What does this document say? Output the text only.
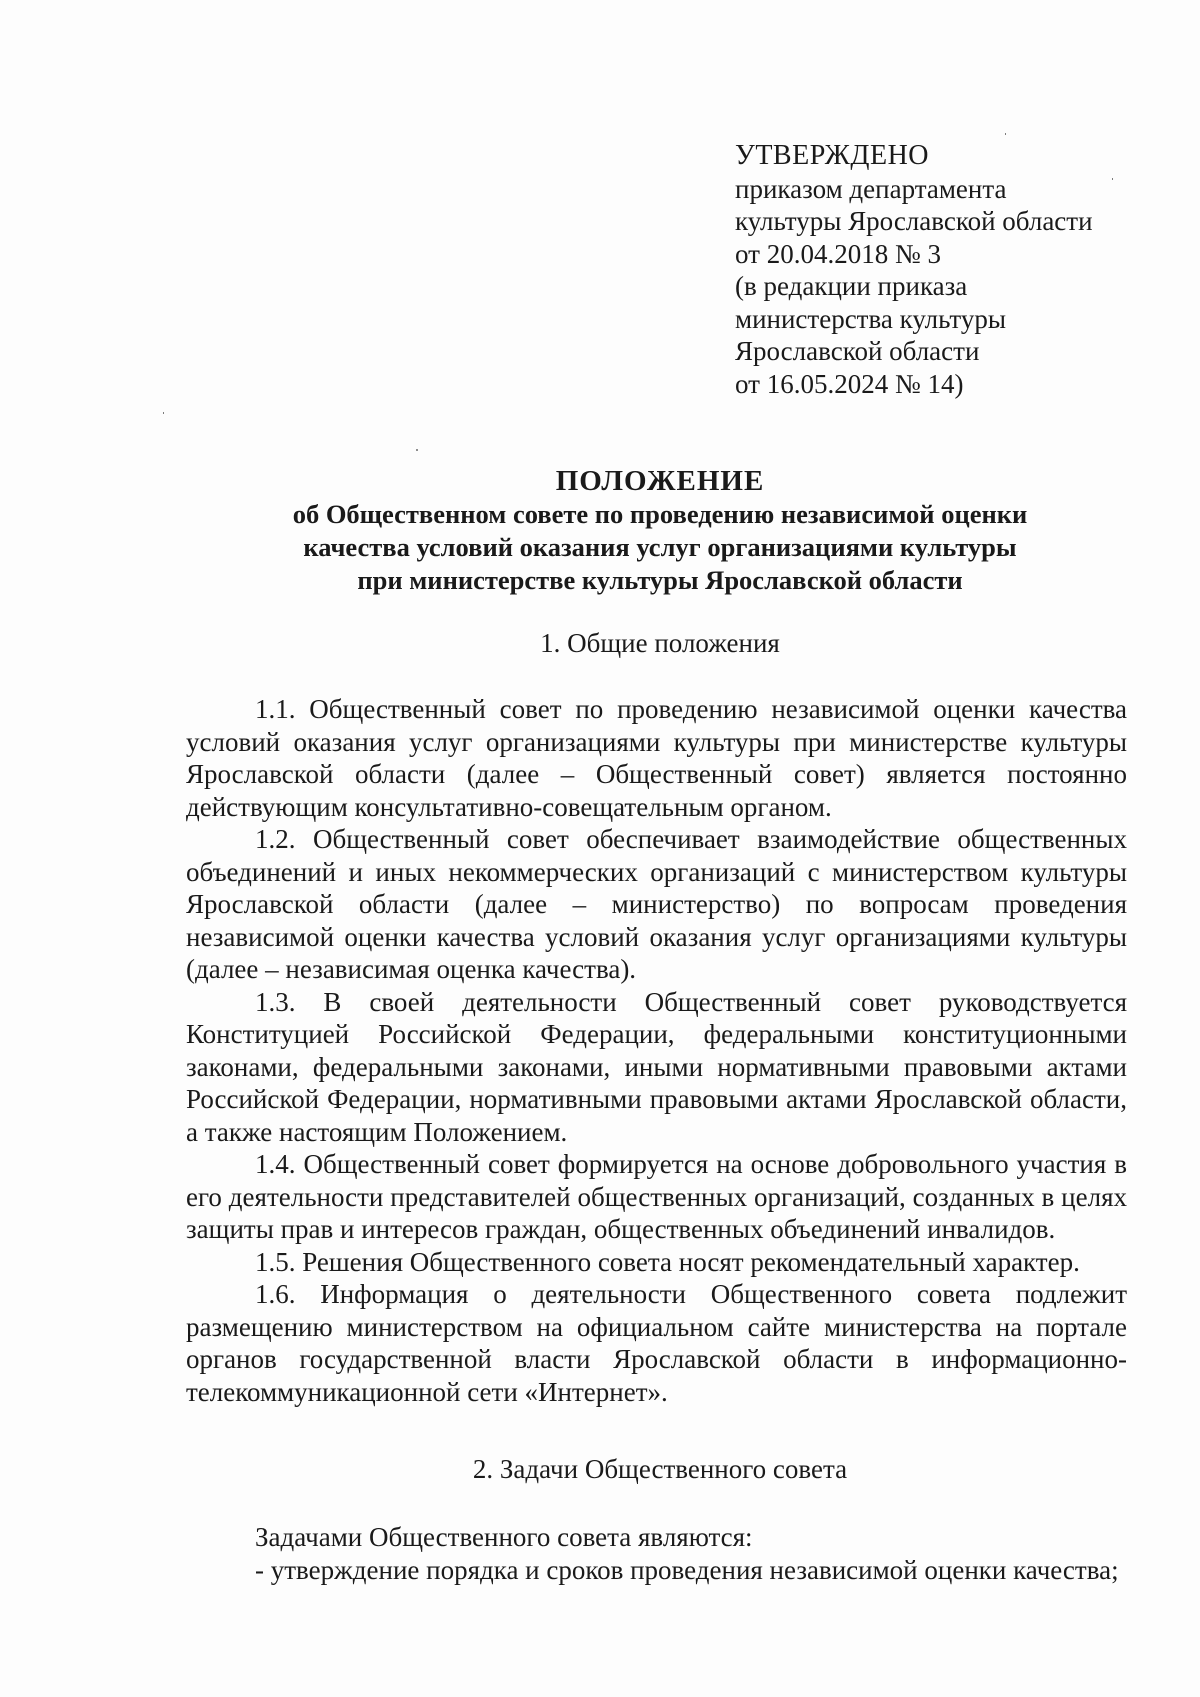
УТВЕРЖДЕНО
приказом департамента
культуры Ярославской области
от 20.04.2018 № 3
(в редакции приказа
министерства культуры
Ярославской области
от 16.05.2024 № 14)
ПОЛОЖЕНИЕ
об Общественном совете по проведению независимой оценки
качества условий оказания услуг организациями культуры
при министерстве культуры Ярославской области
1. Общие положения

1.1. Общественный совет по проведению независимой оценки качества условий оказания услуг организациями культуры при министерстве культуры Ярославской области (далее – Общественный совет) является постоянно действующим консультативно-совещательным органом.

1.2. Общественный совет обеспечивает взаимодействие общественных объединений и иных некоммерческих организаций с министерством культуры Ярославской области (далее – министерство) по вопросам проведения независимой оценки качества условий оказания услуг организациями культуры (далее – независимая оценка качества).

1.3. В своей деятельности Общественный совет руководствуется Конституцией Российской Федерации, федеральными конституционными законами, федеральными законами, иными нормативными правовыми актами Российской Федерации, нормативными правовыми актами Ярославской области, а также настоящим Положением.

1.4. Общественный совет формируется на основе добровольного участия в его деятельности представителей общественных организаций, созданных в целях защиты прав и интересов граждан, общественных объединений инвалидов.

1.5. Решения Общественного совета носят рекомендательный характер.

1.6. Информация о деятельности Общественного совета подлежит размещению министерством на официальном сайте министерства на портале органов государственной власти Ярославской области в информационно-телекоммуникационной сети «Интернет».

2. Задачи Общественного совета

Задачами Общественного совета являются:

- утверждение порядка и сроков проведения независимой оценки качества;
